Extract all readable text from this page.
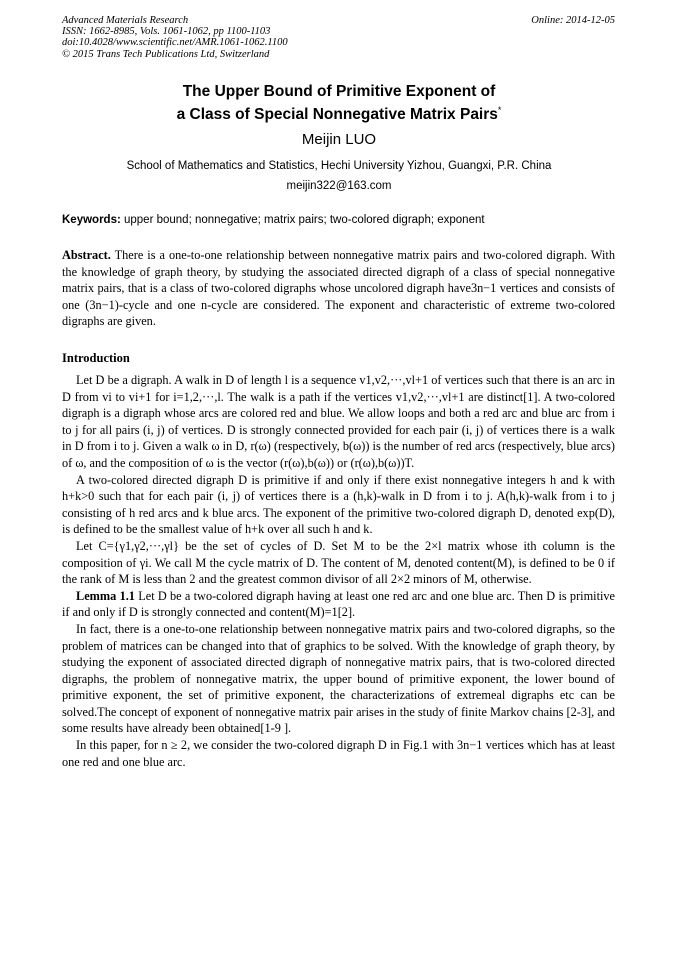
Advanced Materials Research
ISSN: 1662-8985, Vols. 1061-1062, pp 1100-1103
doi:10.4028/www.scientific.net/AMR.1061-1062.1100
© 2015 Trans Tech Publications Ltd, Switzerland
Online: 2014-12-05
The Upper Bound of Primitive Exponent of
a Class of Special Nonnegative Matrix Pairs*
Meijin LUO
School of Mathematics and Statistics, Hechi University Yizhou, Guangxi, P.R. China
meijin322@163.com
Keywords: upper bound; nonnegative; matrix pairs; two-colored digraph; exponent

Abstract. There is a one-to-one relationship between nonnegative matrix pairs and two-colored digraph. With the knowledge of graph theory, by studying the associated directed digraph of a class of special nonnegative matrix pairs, that is a class of two-colored digraphs whose uncolored digraph have3n−1 vertices and consists of one (3n−1)-cycle and one n-cycle are considered. The exponent and characteristic of extreme two-colored digraphs are given.

Introduction

Let D be a digraph. A walk in D of length l is a sequence v1,v2,···,vl+1 of vertices such that there is an arc in D from vi to vi+1 for i=1,2,···,l. The walk is a path if the vertices v1,v2,···,vl+1 are distinct[1]. A two-colored digraph is a digraph whose arcs are colored red and blue. We allow loops and both a red arc and blue arc from i to j for all pairs (i, j) of vertices. D is strongly connected provided for each pair (i, j) of vertices there is a walk in D from i to j. Given a walk ω in D, r(ω) (respectively, b(ω)) is the number of red arcs (respectively, blue arcs) of ω, and the composition of ω is the vector (r(ω),b(ω)) or (r(ω),b(ω))T.

A two-colored directed digraph D is primitive if and only if there exist nonnegative integers h and k with h+k>0 such that for each pair (i, j) of vertices there is a (h,k)-walk in D from i to j. A(h,k)-walk from i to j consisting of h red arcs and k blue arcs. The exponent of the primitive two-colored digraph D, denoted exp(D), is defined to be the smallest value of h+k over all such h and k.

Let C={γ1,γ2,···,γl} be the set of cycles of D. Set M to be the 2×l matrix whose ith column is the composition of γi. We call M the cycle matrix of D. The content of M, denoted content(M), is defined to be 0 if the rank of M is less than 2 and the greatest common divisor of all 2×2 minors of M, otherwise.

Lemma 1.1 Let D be a two-colored digraph having at least one red arc and one blue arc. Then D is primitive if and only if D is strongly connected and content(M)=1[2].

In fact, there is a one-to-one relationship between nonnegative matrix pairs and two-colored digraphs, so the problem of matrices can be changed into that of graphics to be solved. With the knowledge of graph theory, by studying the exponent of associated directed digraph of nonnegative matrix pairs, that is two-colored directed digraphs, the problem of nonnegative matrix, the upper bound of primitive exponent, the lower bound of primitive exponent, the set of primitive exponent, the characterizations of extremeal digraphs etc can be solved.The concept of exponent of nonnegative matrix pair arises in the study of finite Markov chains [2-3], and some results have already been obtained[1-9 ].

In this paper, for n ≥ 2, we consider the two-colored digraph D in Fig.1 with 3n−1 vertices which has at least one red and one blue arc.
